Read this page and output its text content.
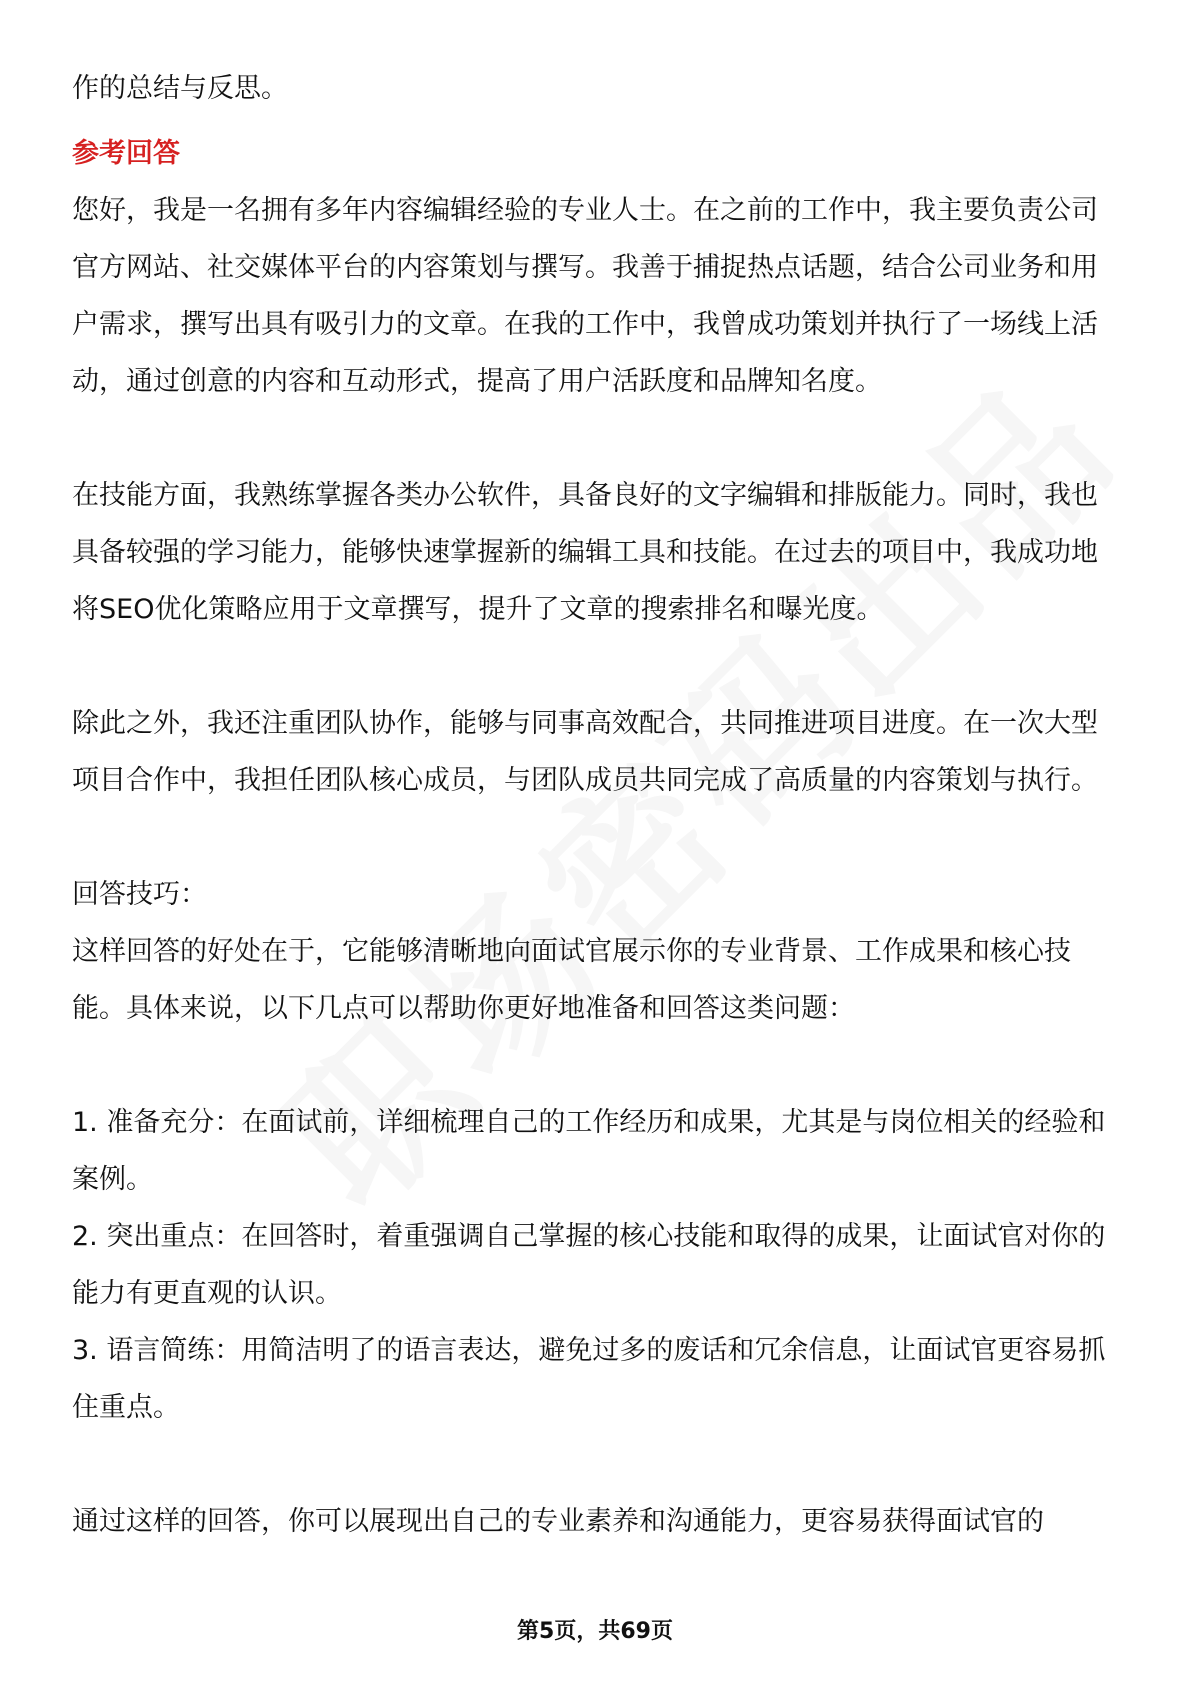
作的总结与反思。

参考回答

您好，我是一名拥有多年内容编辑经验的专业人士。在之前的工作中，我主要负责公司官方网站、社交媒体平台的内容策划与撰写。我善于捕捉热点话题，结合公司业务和用户需求，撰写出具有吸引力的文章。在我的工作中，我曾成功策划并执行了一场线上活动，通过创意的内容和互动形式，提高了用户活跃度和品牌知名度。

在技能方面，我熟练掌握各类办公软件，具备良好的文字编辑和排版能力。同时，我也具备较强的学习能力，能够快速掌握新的编辑工具和技能。在过去的项目中，我成功地将SEO优化策略应用于文章撰写，提升了文章的搜索排名和曝光度。

除此之外，我还注重团队协作，能够与同事高效配合，共同推进项目进度。在一次大型项目合作中，我担任团队核心成员，与团队成员共同完成了高质量的内容策划与执行。

回答技巧：

这样回答的好处在于，它能够清晰地向面试官展示你的专业背景、工作成果和核心技能。具体来说，以下几点可以帮助你更好地准备和回答这类问题：

1. 准备充分：在面试前，详细梳理自己的工作经历和成果，尤其是与岗位相关的经验和案例。

2. 突出重点：在回答时，着重强调自己掌握的核心技能和取得的成果，让面试官对你的能力有更直观的认识。

3. 语言简练：用简洁明了的语言表达，避免过多的废话和冗余信息，让面试官更容易抓住重点。

通过这样的回答，你可以展现出自己的专业素养和沟通能力，更容易获得面试官的

第5页，共69页
